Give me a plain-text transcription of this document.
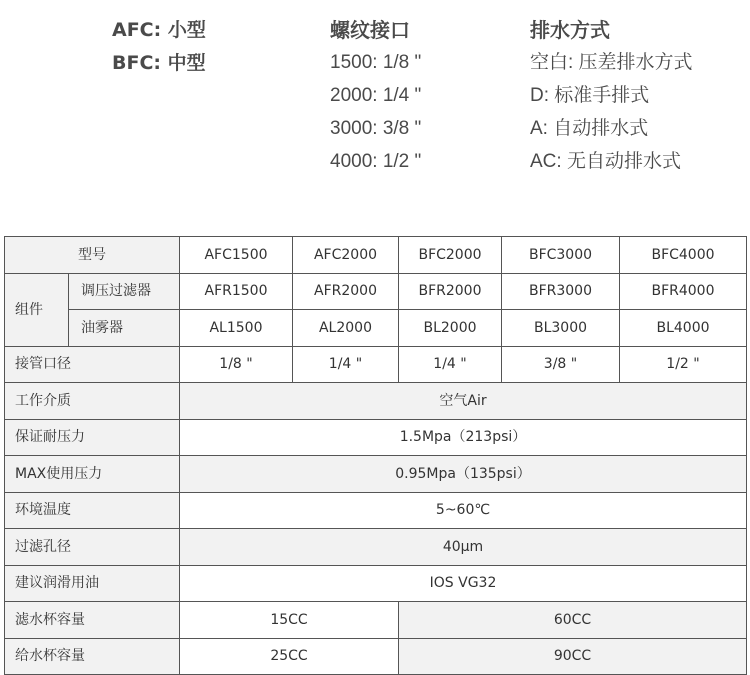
AFC: 小型
BFC: 中型
螺纹接口
1500: 1/8 "
2000: 1/4 "
3000: 3/8 "
4000: 1/2 "
排水方式
空白: 压差排水方式
D: 标准手排式
A: 自动排水式
AC: 无自动排水式
型号		AFC1500	AFC2000	BFC2000	BFC3000	BFC4000
组件	调压过滤器	AFR1500	AFR2000	BFR2000	BFR3000	BFR4000
	油雾器	AL1500	AL2000	BL2000	BL3000	BL4000
接管口径		1/8 "	1/4 "	1/4 "	3/8 "	1/2 "
工作介质		空气Air				
保证耐压力		1.5Mpa（213psi）				
MAX使用压力		0.95Mpa（135psi）				
环境温度		5~60℃				
过滤孔径		40µm				
建议润滑用油		IOS VG32				
滤水杯容量		15CC		60CC		
给水杯容量		25CC		90CC		
